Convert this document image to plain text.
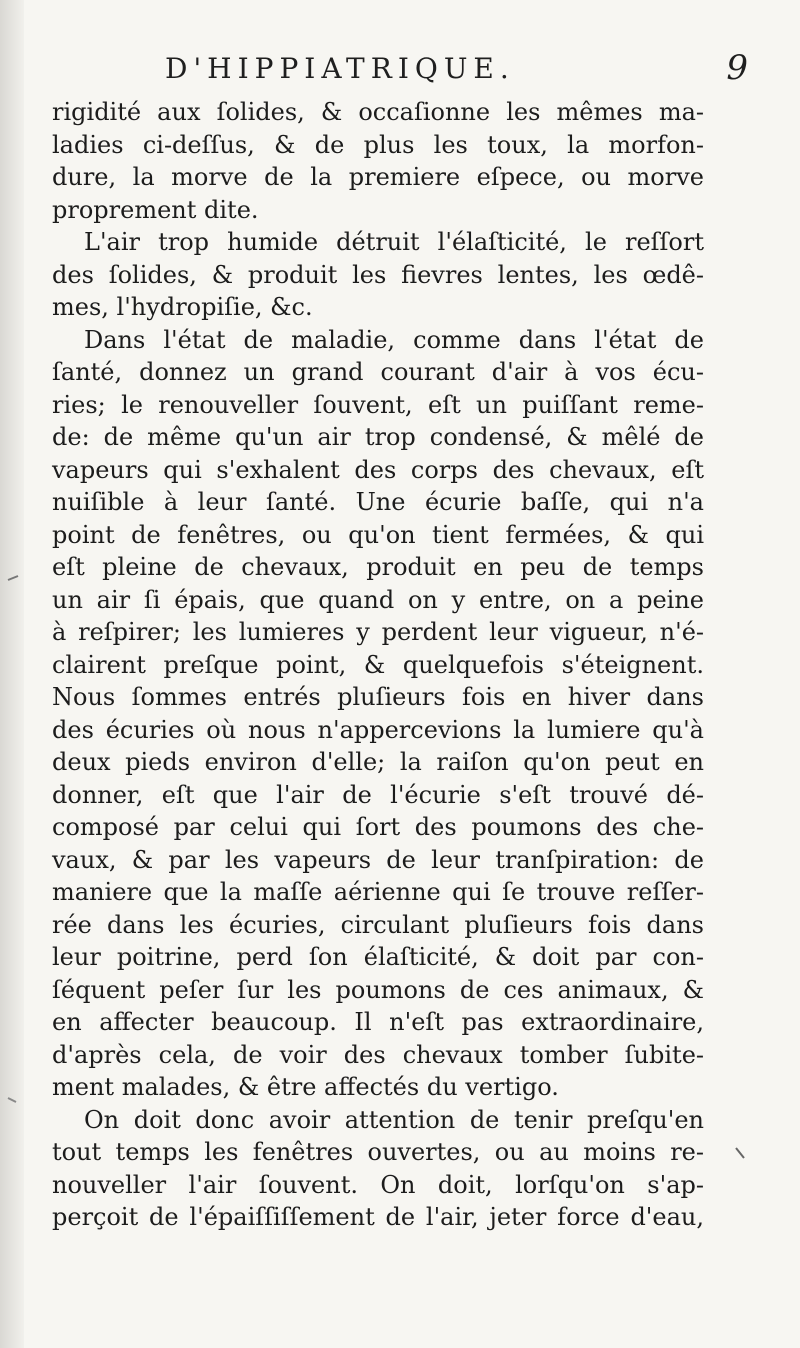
D'HIPPIATRIQUE.	9
rigidité aux ſolides, & occaſionne les mêmes ma-
ladies ci-deſſus, & de plus les toux, la morfon-
dure, la morve de la premiere eſpece, ou morve
proprement dite.
L'air trop humide détruit l'élaſticité, le reſſort
des ſolides, & produit les fievres lentes, les œdê-
mes, l'hydropiſie, &c.
Dans l'état de maladie, comme dans l'état de
ſanté, donnez un grand courant d'air à vos écu-
ries; le renouveller ſouvent, eſt un puiſſant reme-
de: de même qu'un air trop condensé, & mêlé de
vapeurs qui s'exhalent des corps des chevaux, eſt
nuiſible à leur ſanté. Une écurie baſſe, qui n'a
point de fenêtres, ou qu'on tient fermées, & qui
eſt pleine de chevaux, produit en peu de temps
un air ſi épais, que quand on y entre, on a peine
à reſpirer; les lumieres y perdent leur vigueur, n'é-
clairent preſque point, & quelquefois s'éteignent.
Nous ſommes entrés pluſieurs fois en hiver dans
des écuries où nous n'appercevions la lumiere qu'à
deux pieds environ d'elle; la raiſon qu'on peut en
donner, eſt que l'air de l'écurie s'eſt trouvé dé-
composé par celui qui ſort des poumons des che-
vaux, & par les vapeurs de leur tranſpiration: de
maniere que la maſſe aérienne qui ſe trouve reſſer-
rée dans les écuries, circulant pluſieurs fois dans
leur poitrine, perd ſon élaſticité, & doit par con-
ſéquent peſer ſur les poumons de ces animaux, &
en affecter beaucoup. Il n'eſt pas extraordinaire,
d'après cela, de voir des chevaux tomber ſubite-
ment malades, & être affectés du vertigo.
On doit donc avoir attention de tenir preſqu'en
tout temps les fenêtres ouvertes, ou au moins re-
nouveller l'air ſouvent. On doit, lorſqu'on s'ap-
perçoit de l'épaiſſiſſement de l'air, jeter force d'eau,
